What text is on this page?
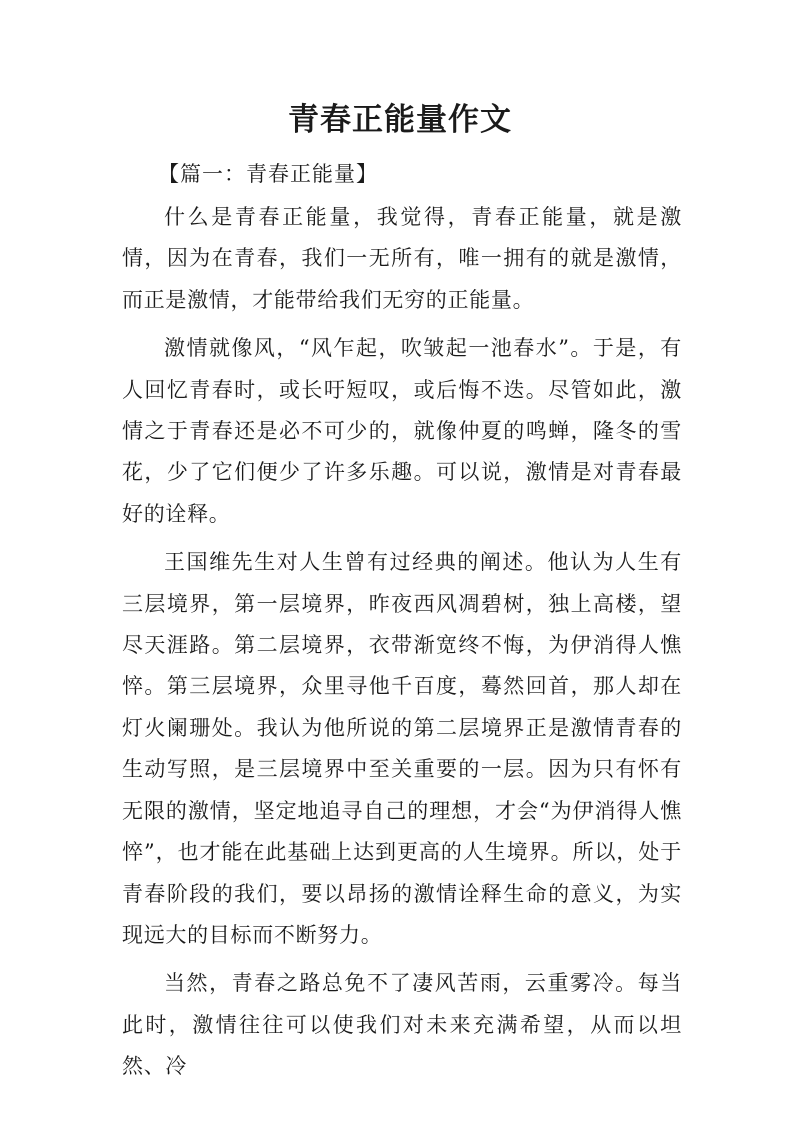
青春正能量作文

【篇一：青春正能量】

什么是青春正能量，我觉得，青春正能量，就是激情，因为在青春，我们一无所有，唯一拥有的就是激情，而正是激情，才能带给我们无穷的正能量。

激情就像风，“风乍起，吹皱起一池春水”。于是，有人回忆青春时，或长吁短叹，或后悔不迭。尽管如此，激情之于青春还是必不可少的，就像仲夏的鸣蝉，隆冬的雪花，少了它们便少了许多乐趣。可以说，激情是对青春最好的诠释。

王国维先生对人生曾有过经典的阐述。他认为人生有三层境界，第一层境界，昨夜西风凋碧树，独上高楼，望尽天涯路。第二层境界，衣带渐宽终不悔，为伊消得人憔悴。第三层境界，众里寻他千百度，蓦然回首，那人却在灯火阑珊处。我认为他所说的第二层境界正是激情青春的生动写照，是三层境界中至关重要的一层。因为只有怀有无限的激情，坚定地追寻自己的理想，才会“为伊消得人憔悴”，也才能在此基础上达到更高的人生境界。所以，处于青春阶段的我们，要以昂扬的激情诠释生命的意义，为实现远大的目标而不断努力。

当然，青春之路总免不了凄风苦雨，云重雾冷。每当此时，激情往往可以使我们对未来充满希望，从而以坦然、冷
